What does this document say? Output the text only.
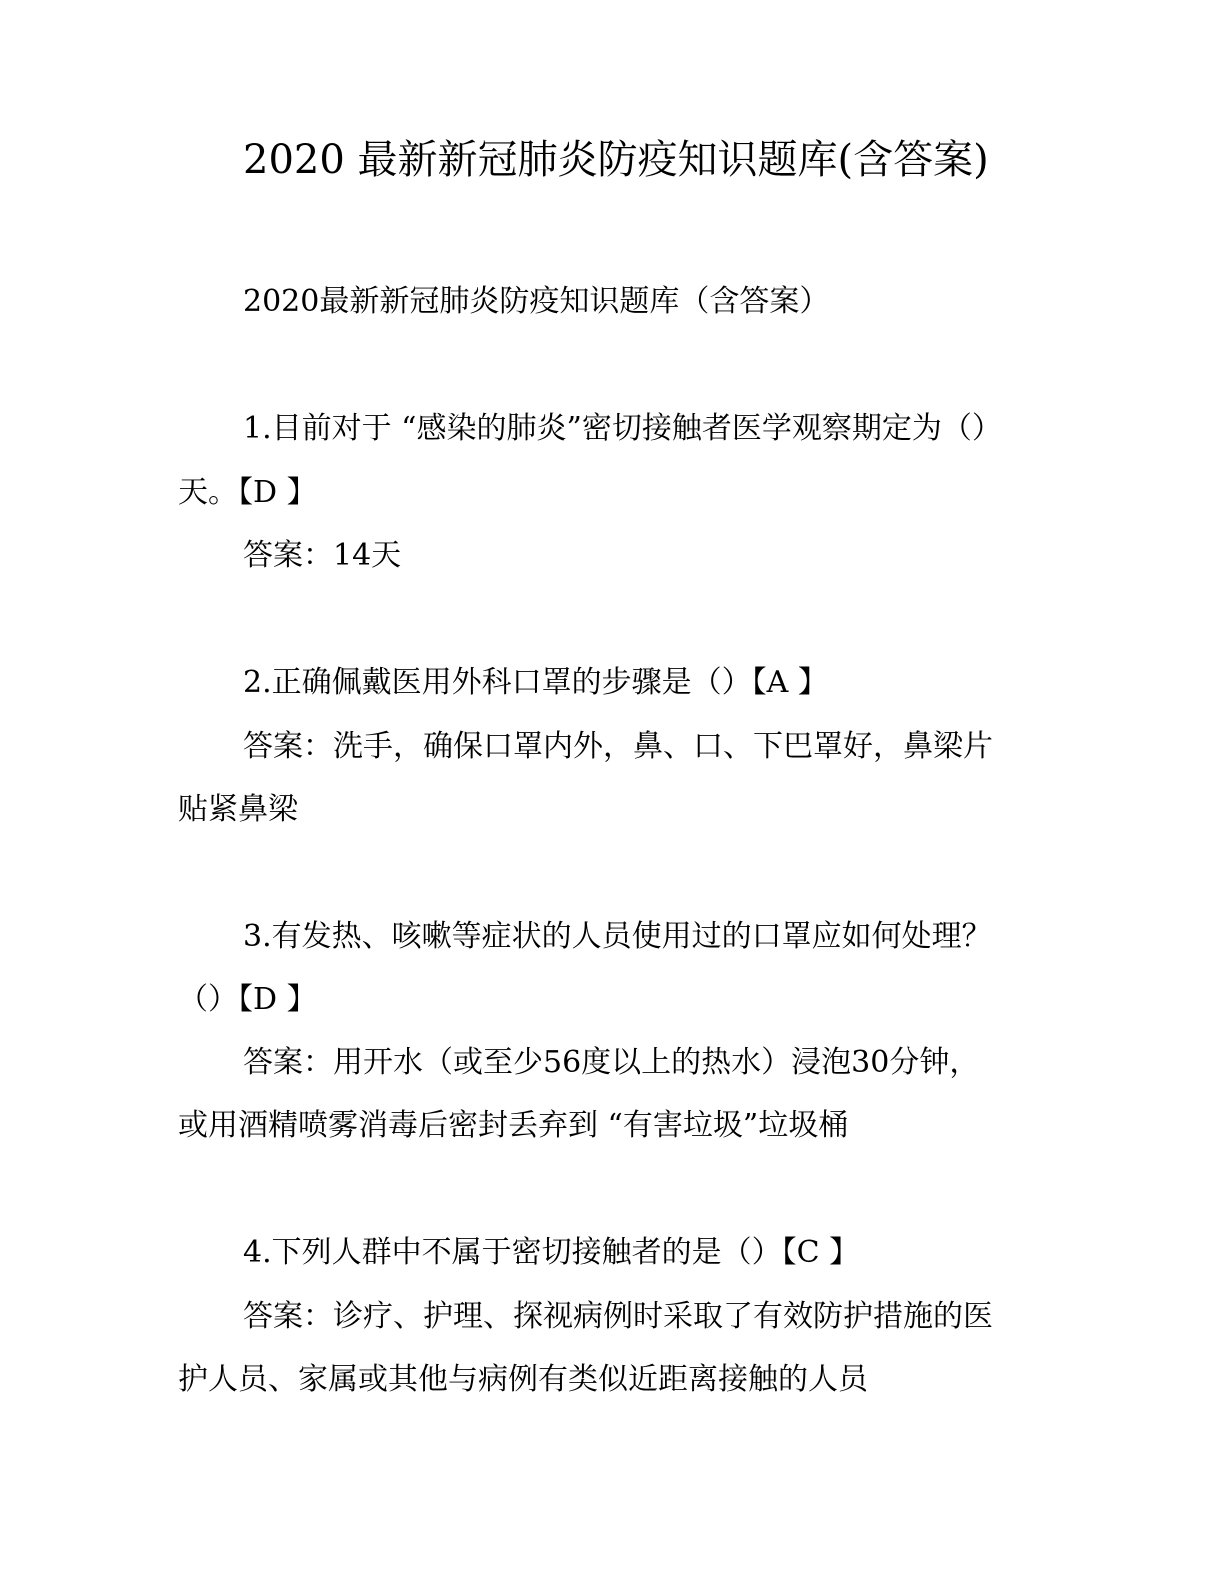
2020 最新新冠肺炎防疫知识题库(含答案)
2020最新新冠肺炎防疫知识题库（含答案）
1.目前对于 “感染的肺炎”密切接触者医学观察期定为（）
天。【D 】
答案：14天
2.正确佩戴医用外科口罩的步骤是（）【A 】
答案：洗手，确保口罩内外，鼻、口、下巴罩好，鼻梁片
贴紧鼻梁
3.有发热、咳嗽等症状的人员使用过的口罩应如何处理？
（）【D 】
答案：用开水（或至少56度以上的热水）浸泡30分钟，
或用酒精喷雾消毒后密封丢弃到 “有害垃圾”垃圾桶
4.下列人群中不属于密切接触者的是（）【C 】
答案：诊疗、护理、探视病例时采取了有效防护措施的医
护人员、家属或其他与病例有类似近距离接触的人员
